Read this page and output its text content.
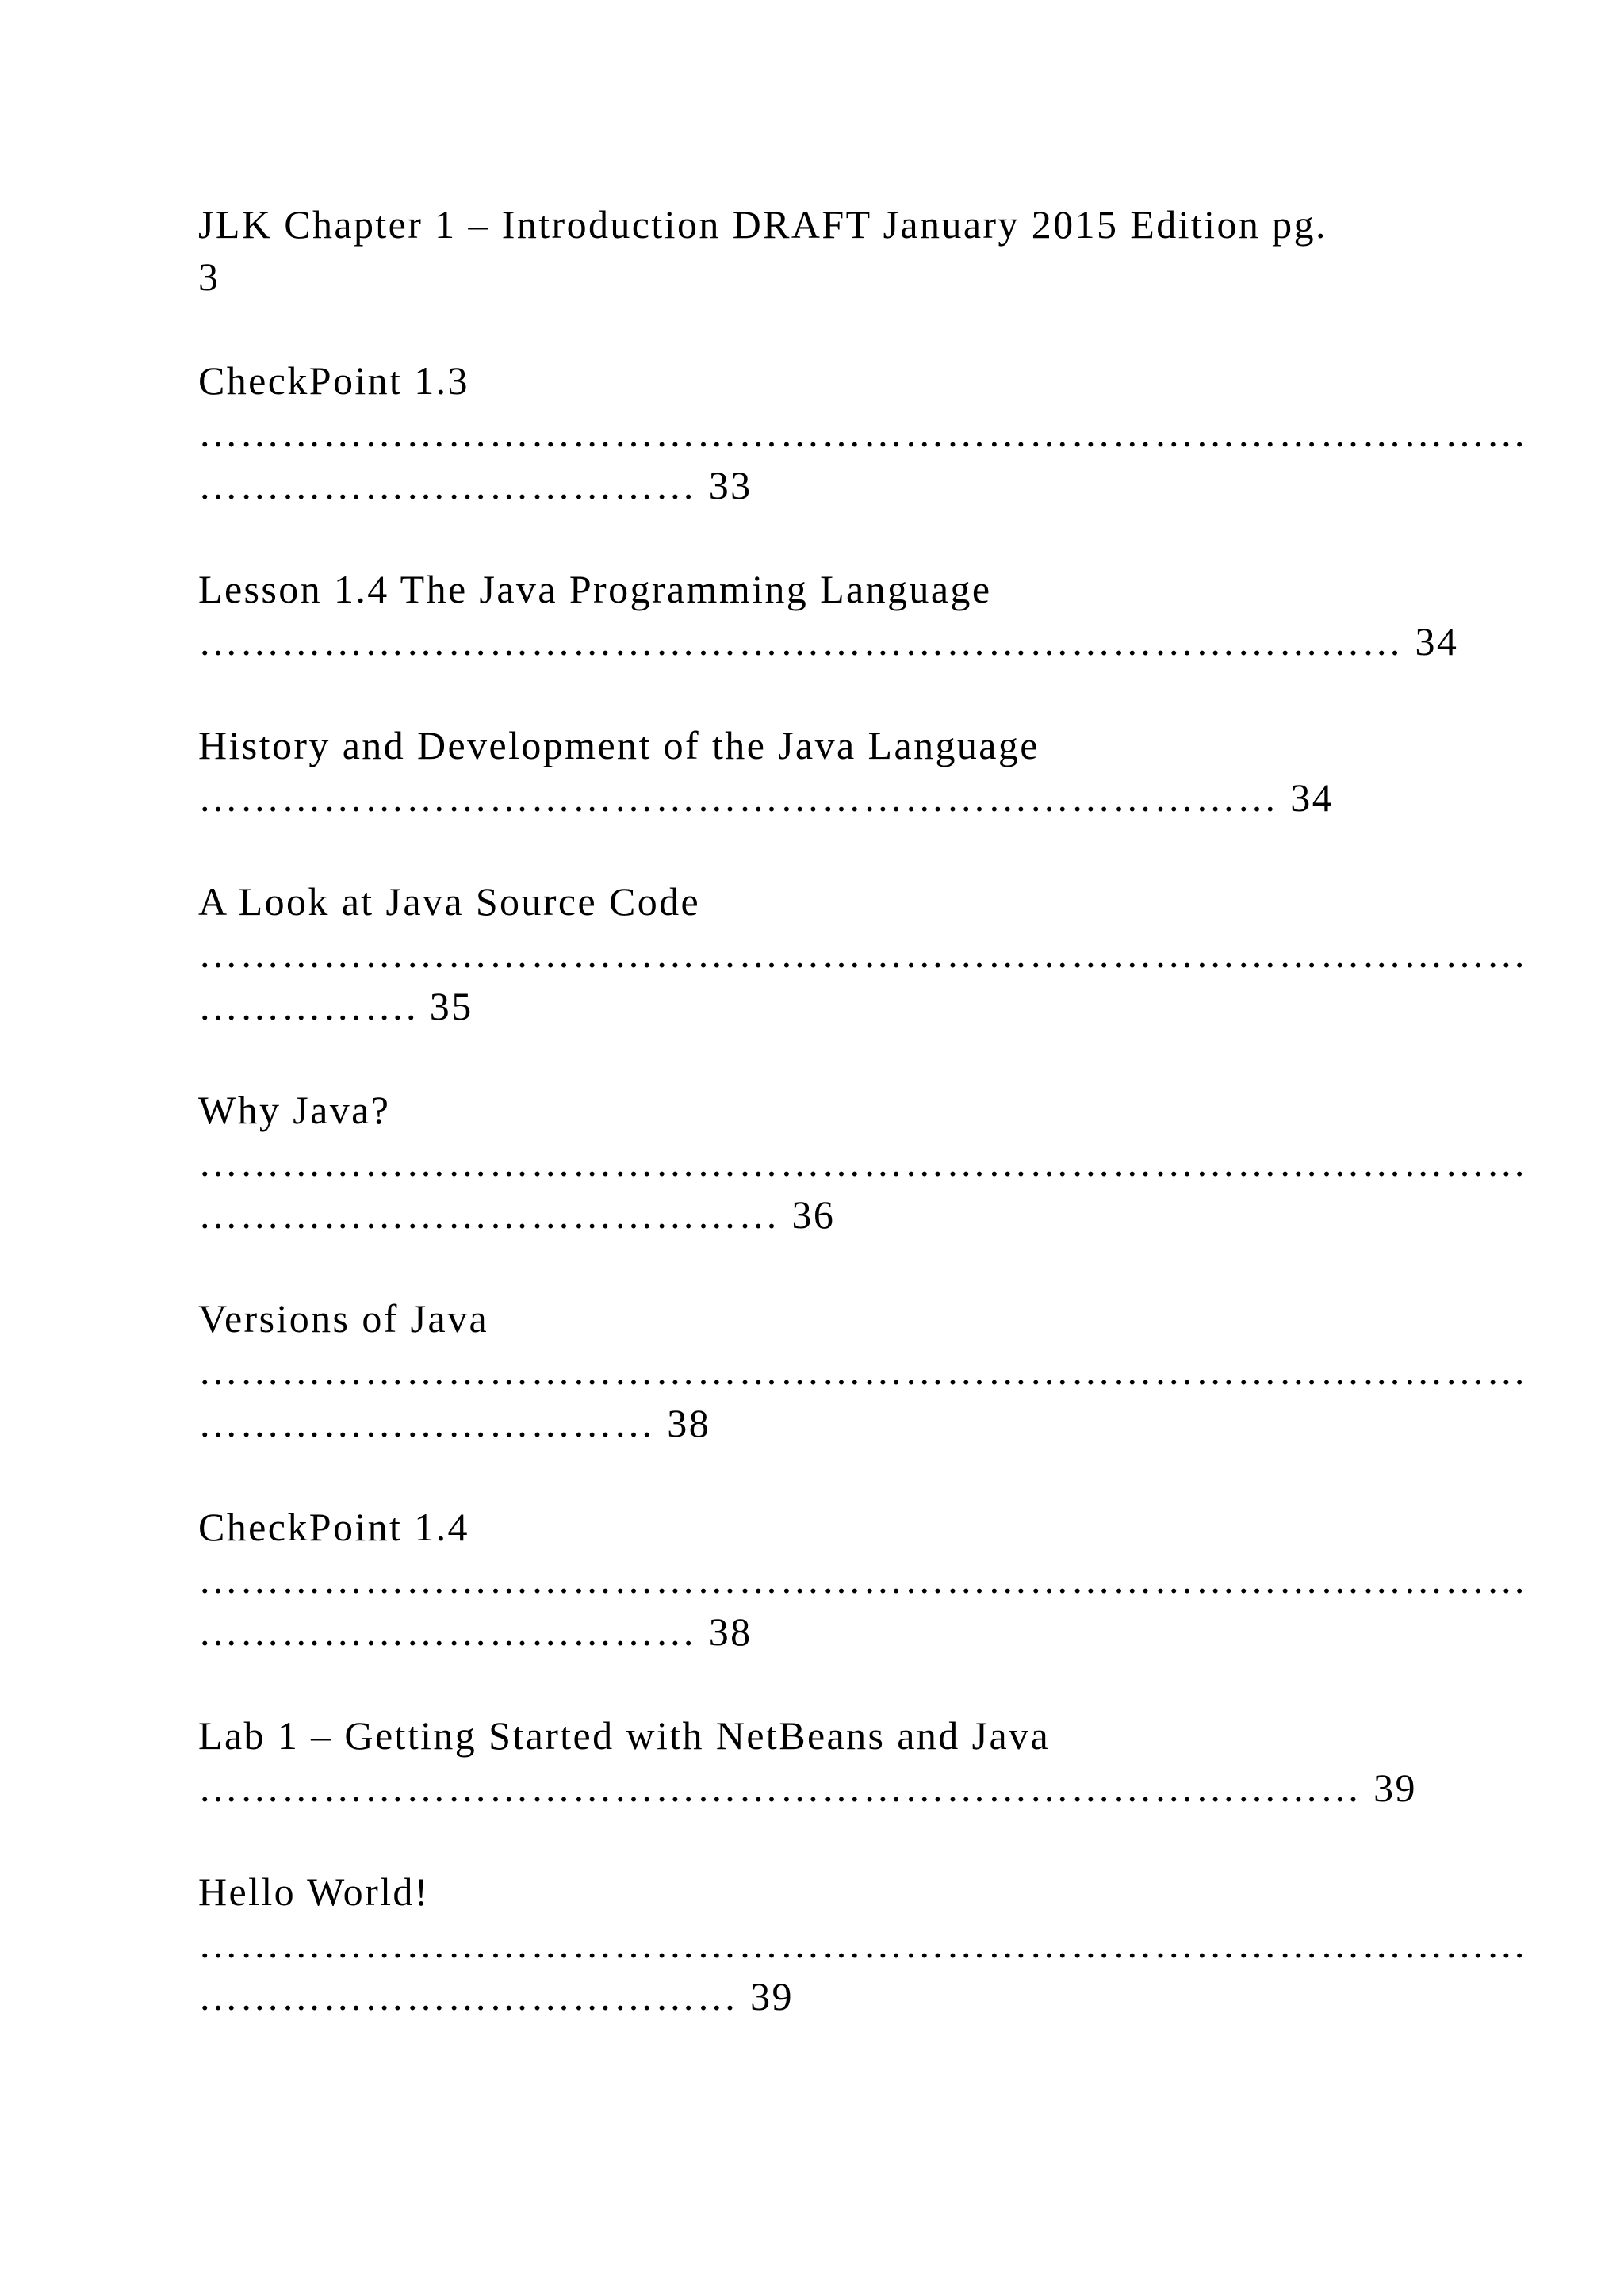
JLK Chapter 1 – Introduction DRAFT January 2015 Edition pg.

3

CheckPoint 1.3

……………………………………………………………………………………

……………………………… 33

Lesson 1.4 The Java Programming Language

…………………………………………………………………………… 34

History and Development of the Java Language

…………………………………………………………………… 34

A Look at Java Source Code

……………………………………………………………………………………

……………. 35

Why Java?

……………………………………………………………………………………

…………………………………… 36

Versions of Java

……………………………………………………………………………………

…………………………… 38

CheckPoint 1.4

……………………………………………………………………………………

……………………………… 38

Lab 1 – Getting Started with NetBeans and Java

………………………………………………………………………… 39

Hello World!

……………………………………………………………………………………

………………………………… 39
